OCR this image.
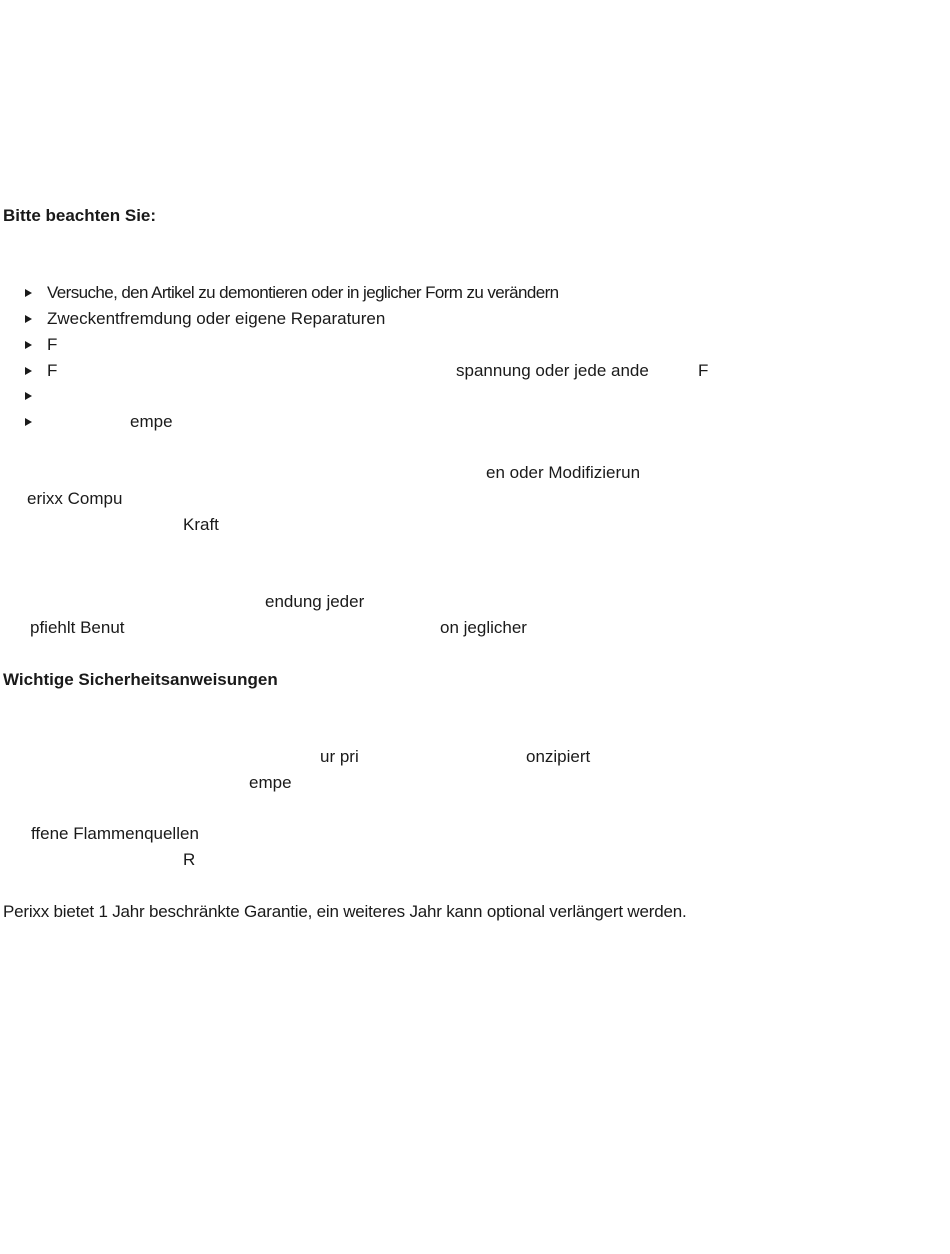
Bitte beachten Sie:
Versuche, den Artikel zu demontieren oder in jeglicher Form zu verändern
Zweckentfremdung oder eigene Reparaturen
F
F	spannung oder jede ande	F
empe
en oder Modifizierun
erixx Compu
Kraft
endung jeder
pfiehlt Benut	on jeglicher
Wichtige Sicherheitsanweisungen
ur pri	onzipiert
empe
ffene Flammenquellen
R
Perixx bietet 1 Jahr beschränkte Garantie, ein weiteres Jahr kann optional verlängert werden.
